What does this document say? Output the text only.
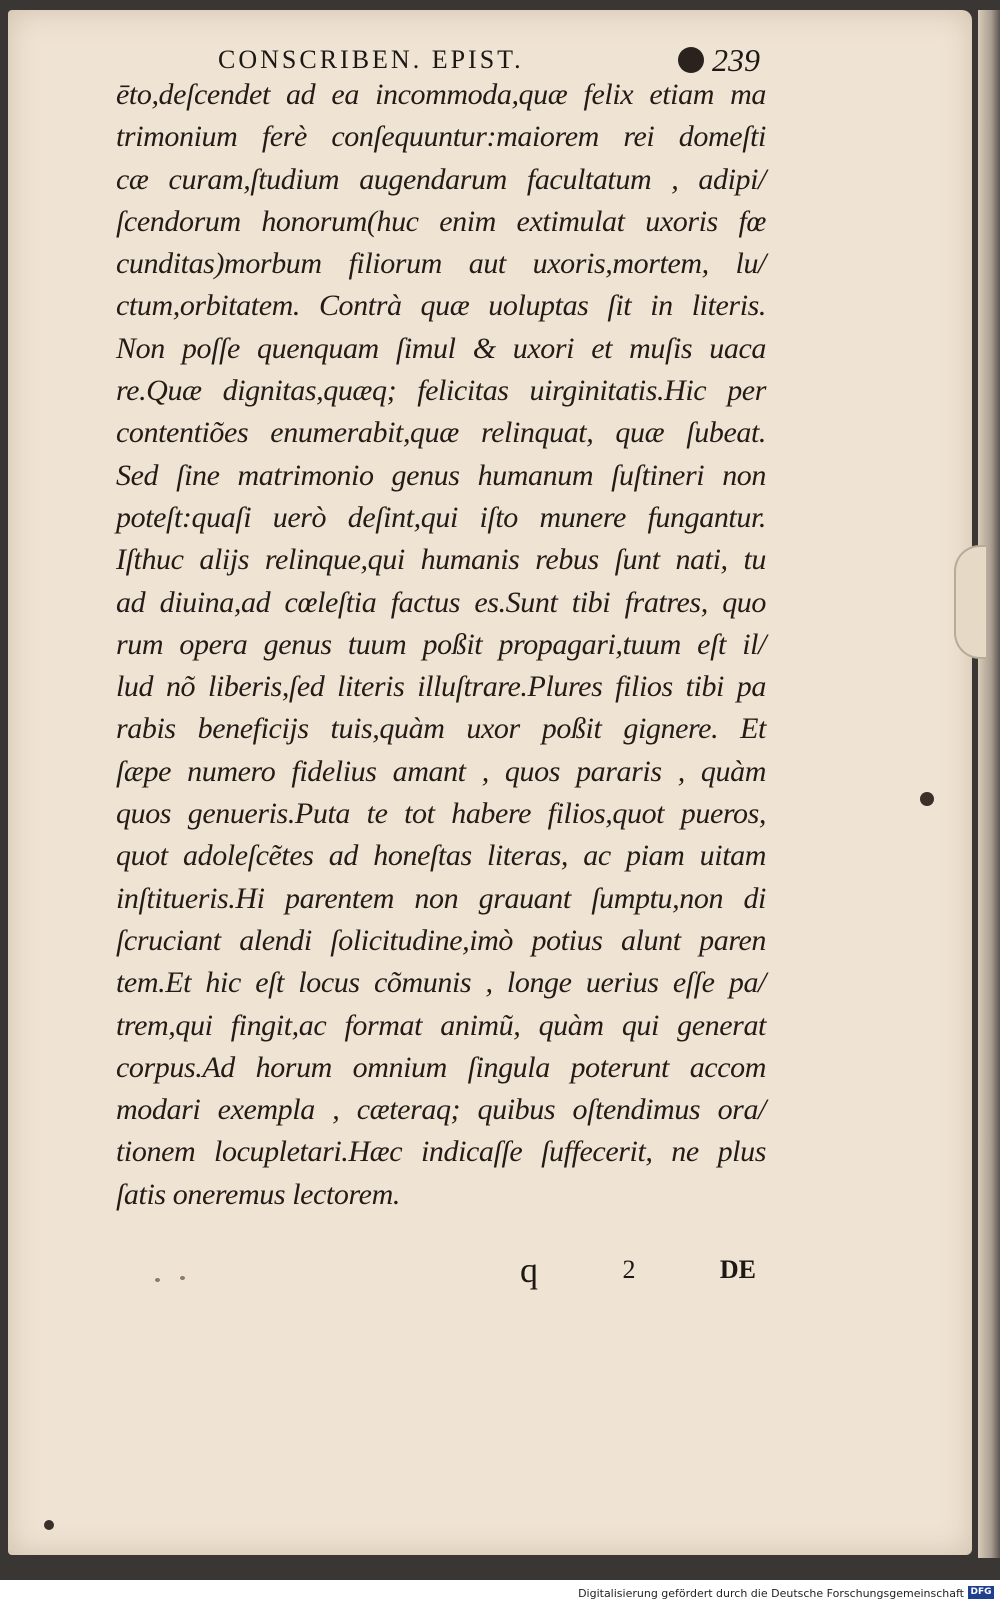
CONSCRIBEN. EPIST.	239
ēto,deſcendet ad ea incommoda,quæ felix etiam ma
trimonium ferè conſequuntur:maiorem rei domeſti
cæ curam,ſtudium augendarum facultatum , adipi/
ſcendorum honorum(huc enim extimulat uxoris fœ
cunditas)morbum filiorum aut uxoris,mortem, lu/
ctum,orbitatem. Contrà quæ uoluptas ſit in literis.
Non poſſe quenquam ſimul & uxori et muſis uaca
re.Quæ dignitas,quæq; felicitas uirginitatis.Hic per
contentiões enumerabit,quæ relinquat, quæ ſubeat.
Sed ſine matrimonio genus humanum ſuſtineri non
poteſt:quaſi uerò deſint,qui iſto munere fungantur.
Iſthuc alijs relinque,qui humanis rebus ſunt nati, tu
ad diuina,ad cœleſtia factus es.Sunt tibi fratres, quo
rum opera genus tuum poßit propagari,tuum eſt il/
lud nõ liberis,ſed literis illuſtrare.Plures filios tibi pa
rabis beneficijs tuis,quàm uxor poßit gignere. Et
ſæpe numero fidelius amant , quos pararis , quàm
quos genueris.Puta te tot habere filios,quot pueros,
quot adoleſcẽtes ad honeſtas literas, ac piam uitam
inſtitueris.Hi parentem non grauant ſumptu,non di
ſcruciant alendi ſolicitudine,imò potius alunt paren
tem.Et hic eſt locus cõmunis , longe uerius eſſe pa/
trem,qui fingit,ac format animũ, quàm qui generat
corpus.Ad horum omnium ſingula poterunt accom
modari exempla , cæteraq; quibus oſtendimus ora/
tionem locupletari.Hæc indicaſſe ſuffecerit, ne plus
ſatis oneremus lectorem.
q	2	DE
Digitalisierung gefördert durch die Deutsche Forschungsgemeinschaft DFG
